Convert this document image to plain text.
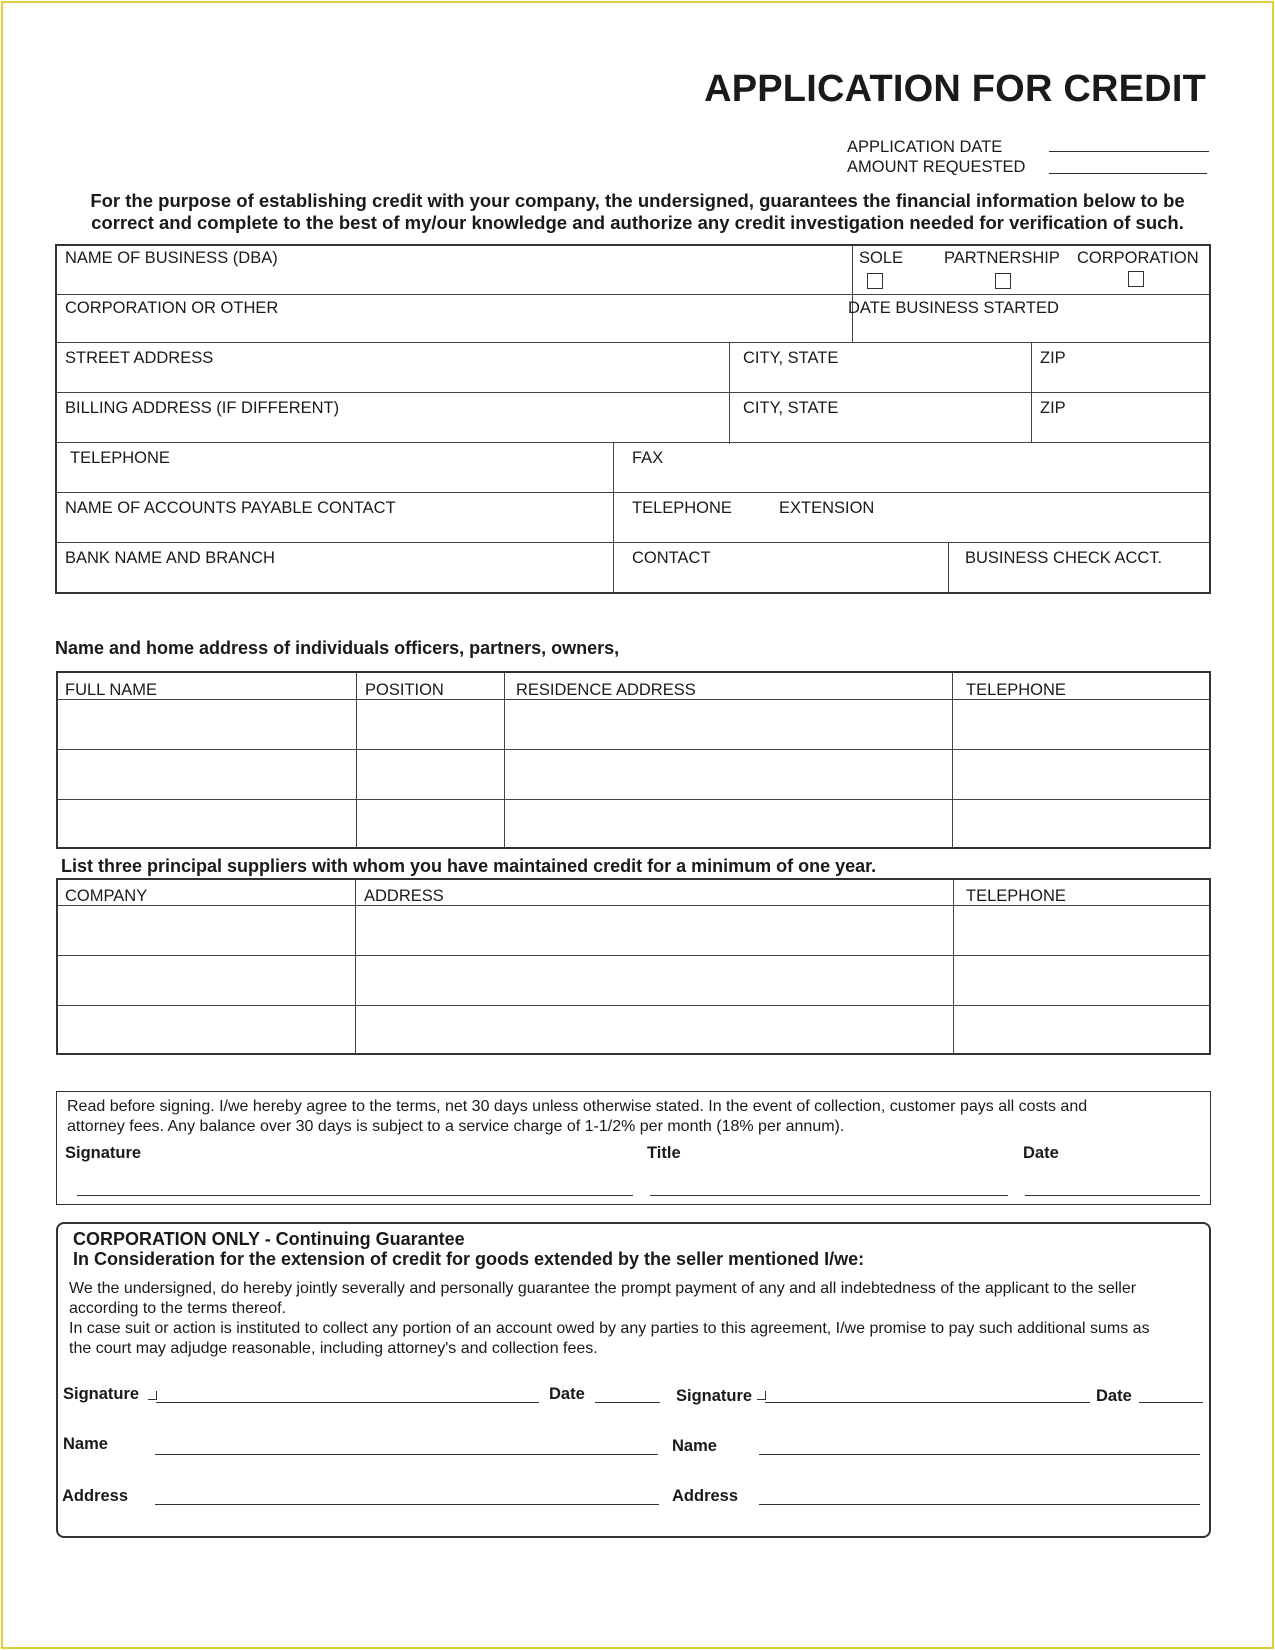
APPLICATION FOR CREDIT
APPLICATION DATE
AMOUNT REQUESTED
For the purpose of establishing credit with your company, the undersigned, guarantees the financial information below to be
correct and complete to the best of my/our knowledge and authorize any credit investigation needed for verification of such.
NAME OF BUSINESS (DBA)	SOLE PARTNERSHIP CORPORATION
CORPORATION OR OTHER	DATE BUSINESS STARTED
STREET ADDRESS	CITY, STATE	ZIP
BILLING ADDRESS (IF DIFFERENT)	CITY, STATE	ZIP
TELEPHONE	FAX
NAME OF ACCOUNTS PAYABLE CONTACT	TELEPHONE	EXTENSION
BANK NAME AND BRANCH	CONTACT	BUSINESS CHECK ACCT.
Name and home address of individuals officers, partners, owners,
FULL NAME	POSITION	RESIDENCE ADDRESS	TELEPHONE
List three principal suppliers with whom you have maintained credit for a minimum of one year.
COMPANY	ADDRESS	TELEPHONE
Read before signing. I/we hereby agree to the terms, net 30 days unless otherwise stated. In the event of collection, customer pays all costs and
attorney fees. Any balance over 30 days is subject to a service charge of 1-1/2% per month (18% per annum).
Signature	Title	Date
CORPORATION ONLY - Continuing Guarantee
In Consideration for the extension of credit for goods extended by the seller mentioned I/we:
We the undersigned, do hereby jointly severally and personally guarantee the prompt payment of any and all indebtedness of the applicant to the seller
according to the terms thereof.
In case suit or action is instituted to collect any portion of an account owed by any parties to this agreement, I/we promise to pay such additional sums as
the court may adjudge reasonable, including attorney's and collection fees.
Signature	Date	Signature	Date
Name	Name
Address	Address
